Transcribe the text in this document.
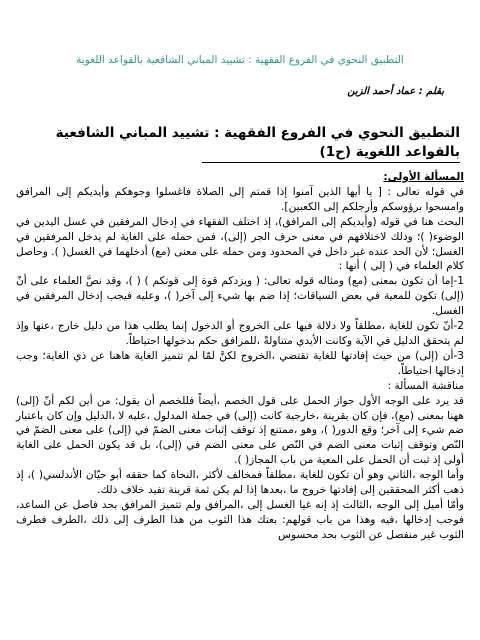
التطبيق النحوي في الفروع الفقهية : تشييد المباني الشافعية بالقواعد اللغوية
بقلم : عماد أحمد الزبن
التطبيق النحوي في الفروع الفقهية : تشييد المباني الشافعية بالقواعد اللغوية (ح1)

المسألة الأولى:

في قوله تعالى : [ يا أيها الذين آمنوا إذا قمتم إلى الصلاة فاغسلوا وجوهكم وأيديكم إلى المرافق وامسحوا برؤوسكم وأرجلكم إلى الكعبين].

البحث هنا في قوله (وأيديكم إلى المرافق)، إذ اختلف الفقهاء في إدخال المرفقين في غسل اليدين في الوضوء( )؛ وذلك لاختلافهم في معنى حرف الجر (إلى)، فمن حمله على الغاية لم يدخل المرفقين في الغسل؛ لأن الحد عنده غير داخل في المحدود ومن حمله على معنى (مع) أدخلهما في الغسل( ). وحاصل كلام العلماء في ( إلى ) أنها :

1-إما أن تكون بمعنى (مع) ومثاله قوله تعالى: ( ويزدكم قوة إلى قوتكم ) ( )، وقد نصَّ العلماء على أنّ (إلى) تكون للمعية في بعض السياقات؛ إذا ضم بها شيء إلى آخر( )، وعليه فيجب إدخال المرفقين في الغسل.

2-أنّ تكون للغاية ،مطلقاً ولا دلالة فيها على الخروج أو الدخول إنما يطلب هذا من دليل خارج ،عنها وإذ لم يتحقق الدليل في الآية وكانت الأيدي متناولةً ،للمرافق حكم بدخولها احتياطاً.

3-أن (إلى) من حيث إفادتها للغاية تقتضي ،الخروج لكنَّ لمّا لم تتميز الغاية هاهنا عن ذي الغاية؛ وجب إدخالها احتياطاً.

مناقشة المسألة :

قد يرد على الوجه الأول جواز الحمل على قول الخصم ،أيضاً فللخصم أن يقول: من أين لكم أنّ (إلى) ههنا بمعنى (مع)، فإن كان بقرينة ،خارجية كانت (إلى) في جملة المدلول ،عليه لا ،الدليل وإن كان باعتبار ضم شيء إلى آخر؛ وقع الدور( )، وهو ،ممتنع إذ توقف إثبات معنى الضمّ في (إلى) على معنى الضمّ في النّص وتوقف إثبات معنى الضم في النّص على معنى الضم في (إلى)، بل قد يكون الحمل على الغاية أولى إذ ثبت أن الحمل على المعية من باب المجاز( ).

وأما الوجه ،الثاني وهو أن تكون للغاية ،مطلقاً فمخالف لأكثر ،النحاة كما حققه أبو حيّان الأندلسي( )، إذ ذهب أكثر المحققين إلى إفادتها خروج ما ،بعدها إذا لم يكن ثمة قرينة تفيد خلاف ذلك.

وأمّا أميل إلى الوجه ،الثالث إذ إنه غيا الغسل إلى ،المرافق ولم تتميز المرافق بحد فاصل عن الساعد، فوجب إدخالها ،فيه وهذا من باب قولهم: بعتك هذا الثوب من هذا الطرف إلى ذلك ،الطرف فطرف الثوب غير منفصل عن الثوب بحد محسوس
